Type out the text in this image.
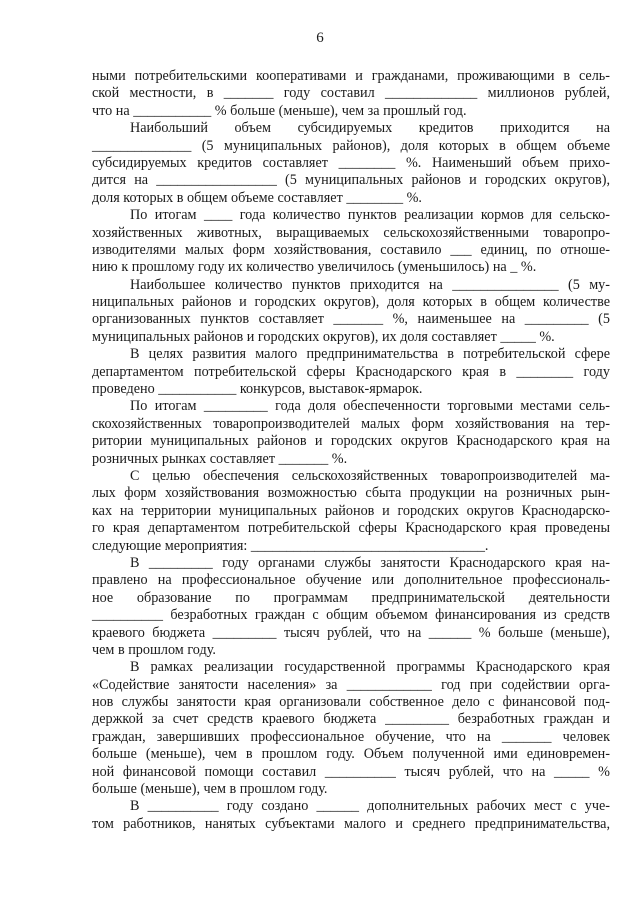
6
ными потребительскими кооперативами и гражданами, проживающими в сель-
ской местности, в _______ году составил _____________ миллионов рублей,
что на ___________ % больше (меньше), чем за прошлый год.
Наибольший объем субсидируемых кредитов приходится на
______________ (5 муниципальных районов), доля которых в общем объеме
субсидируемых кредитов составляет ________ %. Наименьший объем прихо-
дится на _________________ (5 муниципальных районов и городских округов),
доля которых в общем объеме составляет ________ %.
По итогам ____ года количество пунктов реализации кормов для сельско-
хозяйственных животных, выращиваемых сельскохозяйственными товаропро-
изводителями малых форм хозяйствования, составило ___ единиц, по отноше-
нию к прошлому году их количество увеличилось (уменьшилось) на _ %.
Наибольшее количество пунктов приходится на _______________ (5 му-
ниципальных районов и городских округов), доля которых в общем количестве
организованных пунктов составляет _______ %, наименьшее на _________ (5
муниципальных районов и городских округов), их доля составляет _____ %.
В целях развития малого предпринимательства в потребительской сфере
департаментом потребительской сферы Краснодарского края в ________ году
проведено ___________ конкурсов, выставок-ярмарок.
По итогам _________ года доля обеспеченности торговыми местами сель-
скохозяйственных товаропроизводителей малых форм хозяйствования на тер-
ритории муниципальных районов и городских округов Краснодарского края на
розничных рынках составляет _______ %.
С целью обеспечения сельскохозяйственных товаропроизводителей ма-
лых форм хозяйствования возможностью сбыта продукции на розничных рын-
ках на территории муниципальных районов и городских округов Краснодарско-
го края департаментом потребительской сферы Краснодарского края проведены
следующие мероприятия: _________________________________.
В _________ году органами службы занятости Краснодарского края на-
правлено на профессиональное обучение или дополнительное профессиональ-
ное образование по программам предпринимательской деятельности
__________ безработных граждан с общим объемом финансирования из средств
краевого бюджета _________ тысяч рублей, что на ______ % больше (меньше),
чем в прошлом году.
В рамках реализации государственной программы Краснодарского края
«Содействие занятости населения» за ____________ год при содействии орга-
нов службы занятости края организовали собственное дело с финансовой под-
держкой за счет средств краевого бюджета _________ безработных граждан и
граждан, завершивших профессиональное обучение, что на _______ человек
больше (меньше), чем в прошлом году. Объем полученной ими единовремен-
ной финансовой помощи составил __________ тысяч рублей, что на _____ %
больше (меньше), чем в прошлом году.
В __________ году создано ______ дополнительных рабочих мест с уче-
том работников, нанятых субъектами малого и среднего предпринимательства,
